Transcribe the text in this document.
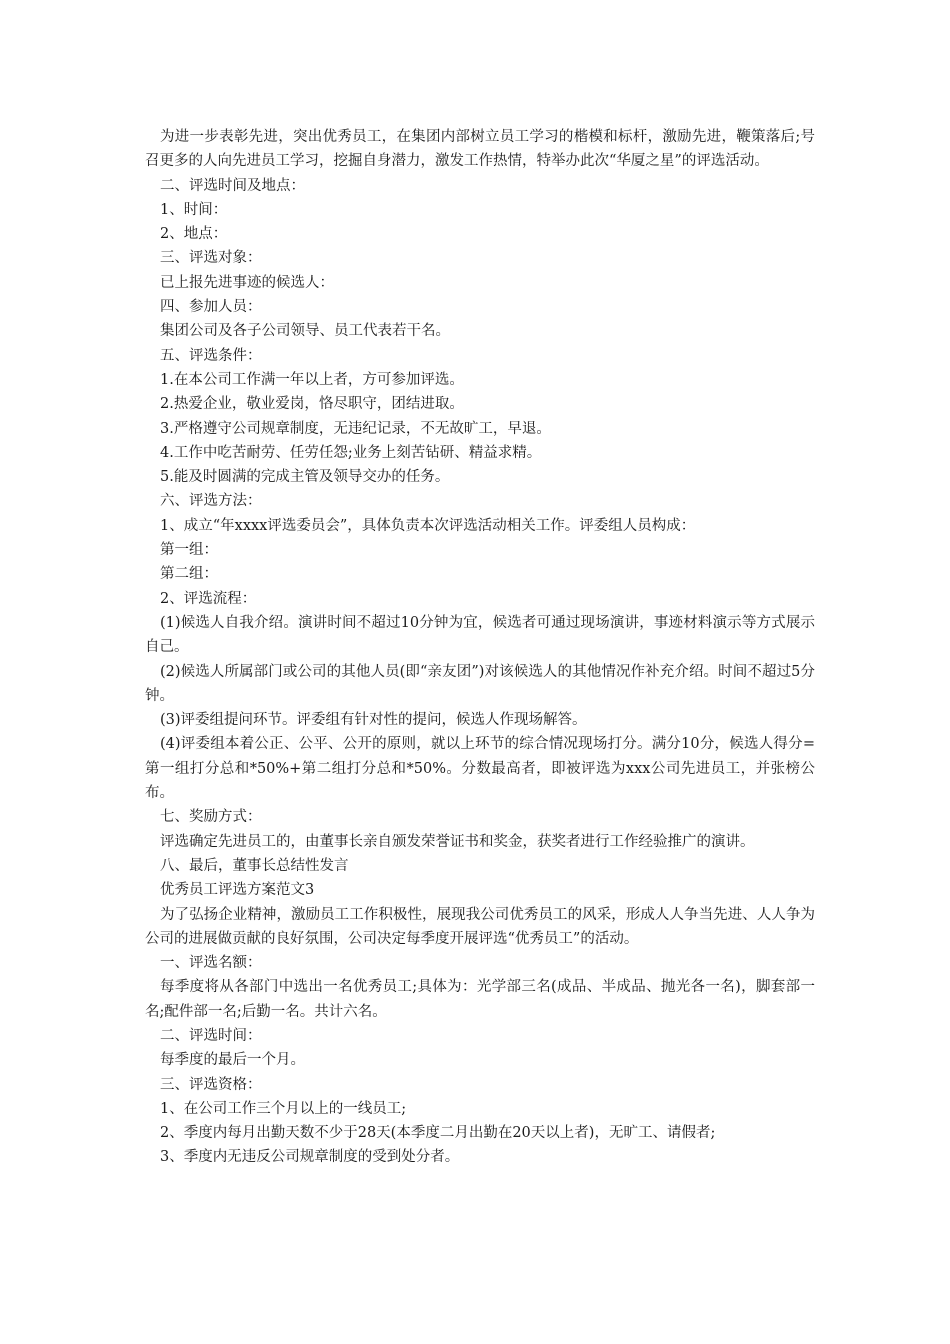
为进一步表彰先进，突出优秀员工，在集团内部树立员工学习的楷模和标杆，激励先进，鞭策落后;号召更多的人向先进员工学习，挖掘自身潜力，激发工作热情，特举办此次“华厦之星”的评选活动。

二、评选时间及地点：

1、时间：

2、地点：

三、评选对象：

已上报先进事迹的候选人：

四、参加人员：

集团公司及各子公司领导、员工代表若干名。

五、评选条件：

1.在本公司工作满一年以上者，方可参加评选。

2.热爱企业，敬业爱岗，恪尽职守，团结进取。

3.严格遵守公司规章制度，无违纪记录，不无故旷工，早退。

4.工作中吃苦耐劳、任劳任怨;业务上刻苦钻研、精益求精。

5.能及时圆满的完成主管及领导交办的任务。

六、评选方法：

1、成立“年xxxx评选委员会”，具体负责本次评选活动相关工作。评委组人员构成：

第一组：

第二组：

2、评选流程：

(1)候选人自我介绍。演讲时间不超过10分钟为宜，候选者可通过现场演讲，事迹材料演示等方式展示自己。

(2)候选人所属部门或公司的其他人员(即“亲友团”)对该候选人的其他情况作补充介绍。时间不超过5分钟。

(3)评委组提问环节。评委组有针对性的提问，候选人作现场解答。

(4)评委组本着公正、公平、公开的原则，就以上环节的综合情况现场打分。满分10分，候选人得分=第一组打分总和*50%+第二组打分总和*50%。分数最高者，即被评选为xxx公司先进员工，并张榜公布。

七、奖励方式：

评选确定先进员工的，由董事长亲自颁发荣誉证书和奖金，获奖者进行工作经验推广的演讲。

八、最后，董事长总结性发言

优秀员工评选方案范文3

为了弘扬企业精神，激励员工工作积极性，展现我公司优秀员工的风采，形成人人争当先进、人人争为公司的进展做贡献的良好氛围，公司决定每季度开展评选“优秀员工”的活动。

一、评选名额：

每季度将从各部门中选出一名优秀员工;具体为：光学部三名(成品、半成品、抛光各一名)，脚套部一名;配件部一名;后勤一名。共计六名。

二、评选时间：

每季度的最后一个月。

三、评选资格：

1、在公司工作三个月以上的一线员工;

2、季度内每月出勤天数不少于28天(本季度二月出勤在20天以上者)，无旷工、请假者;

3、季度内无违反公司规章制度的受到处分者。
